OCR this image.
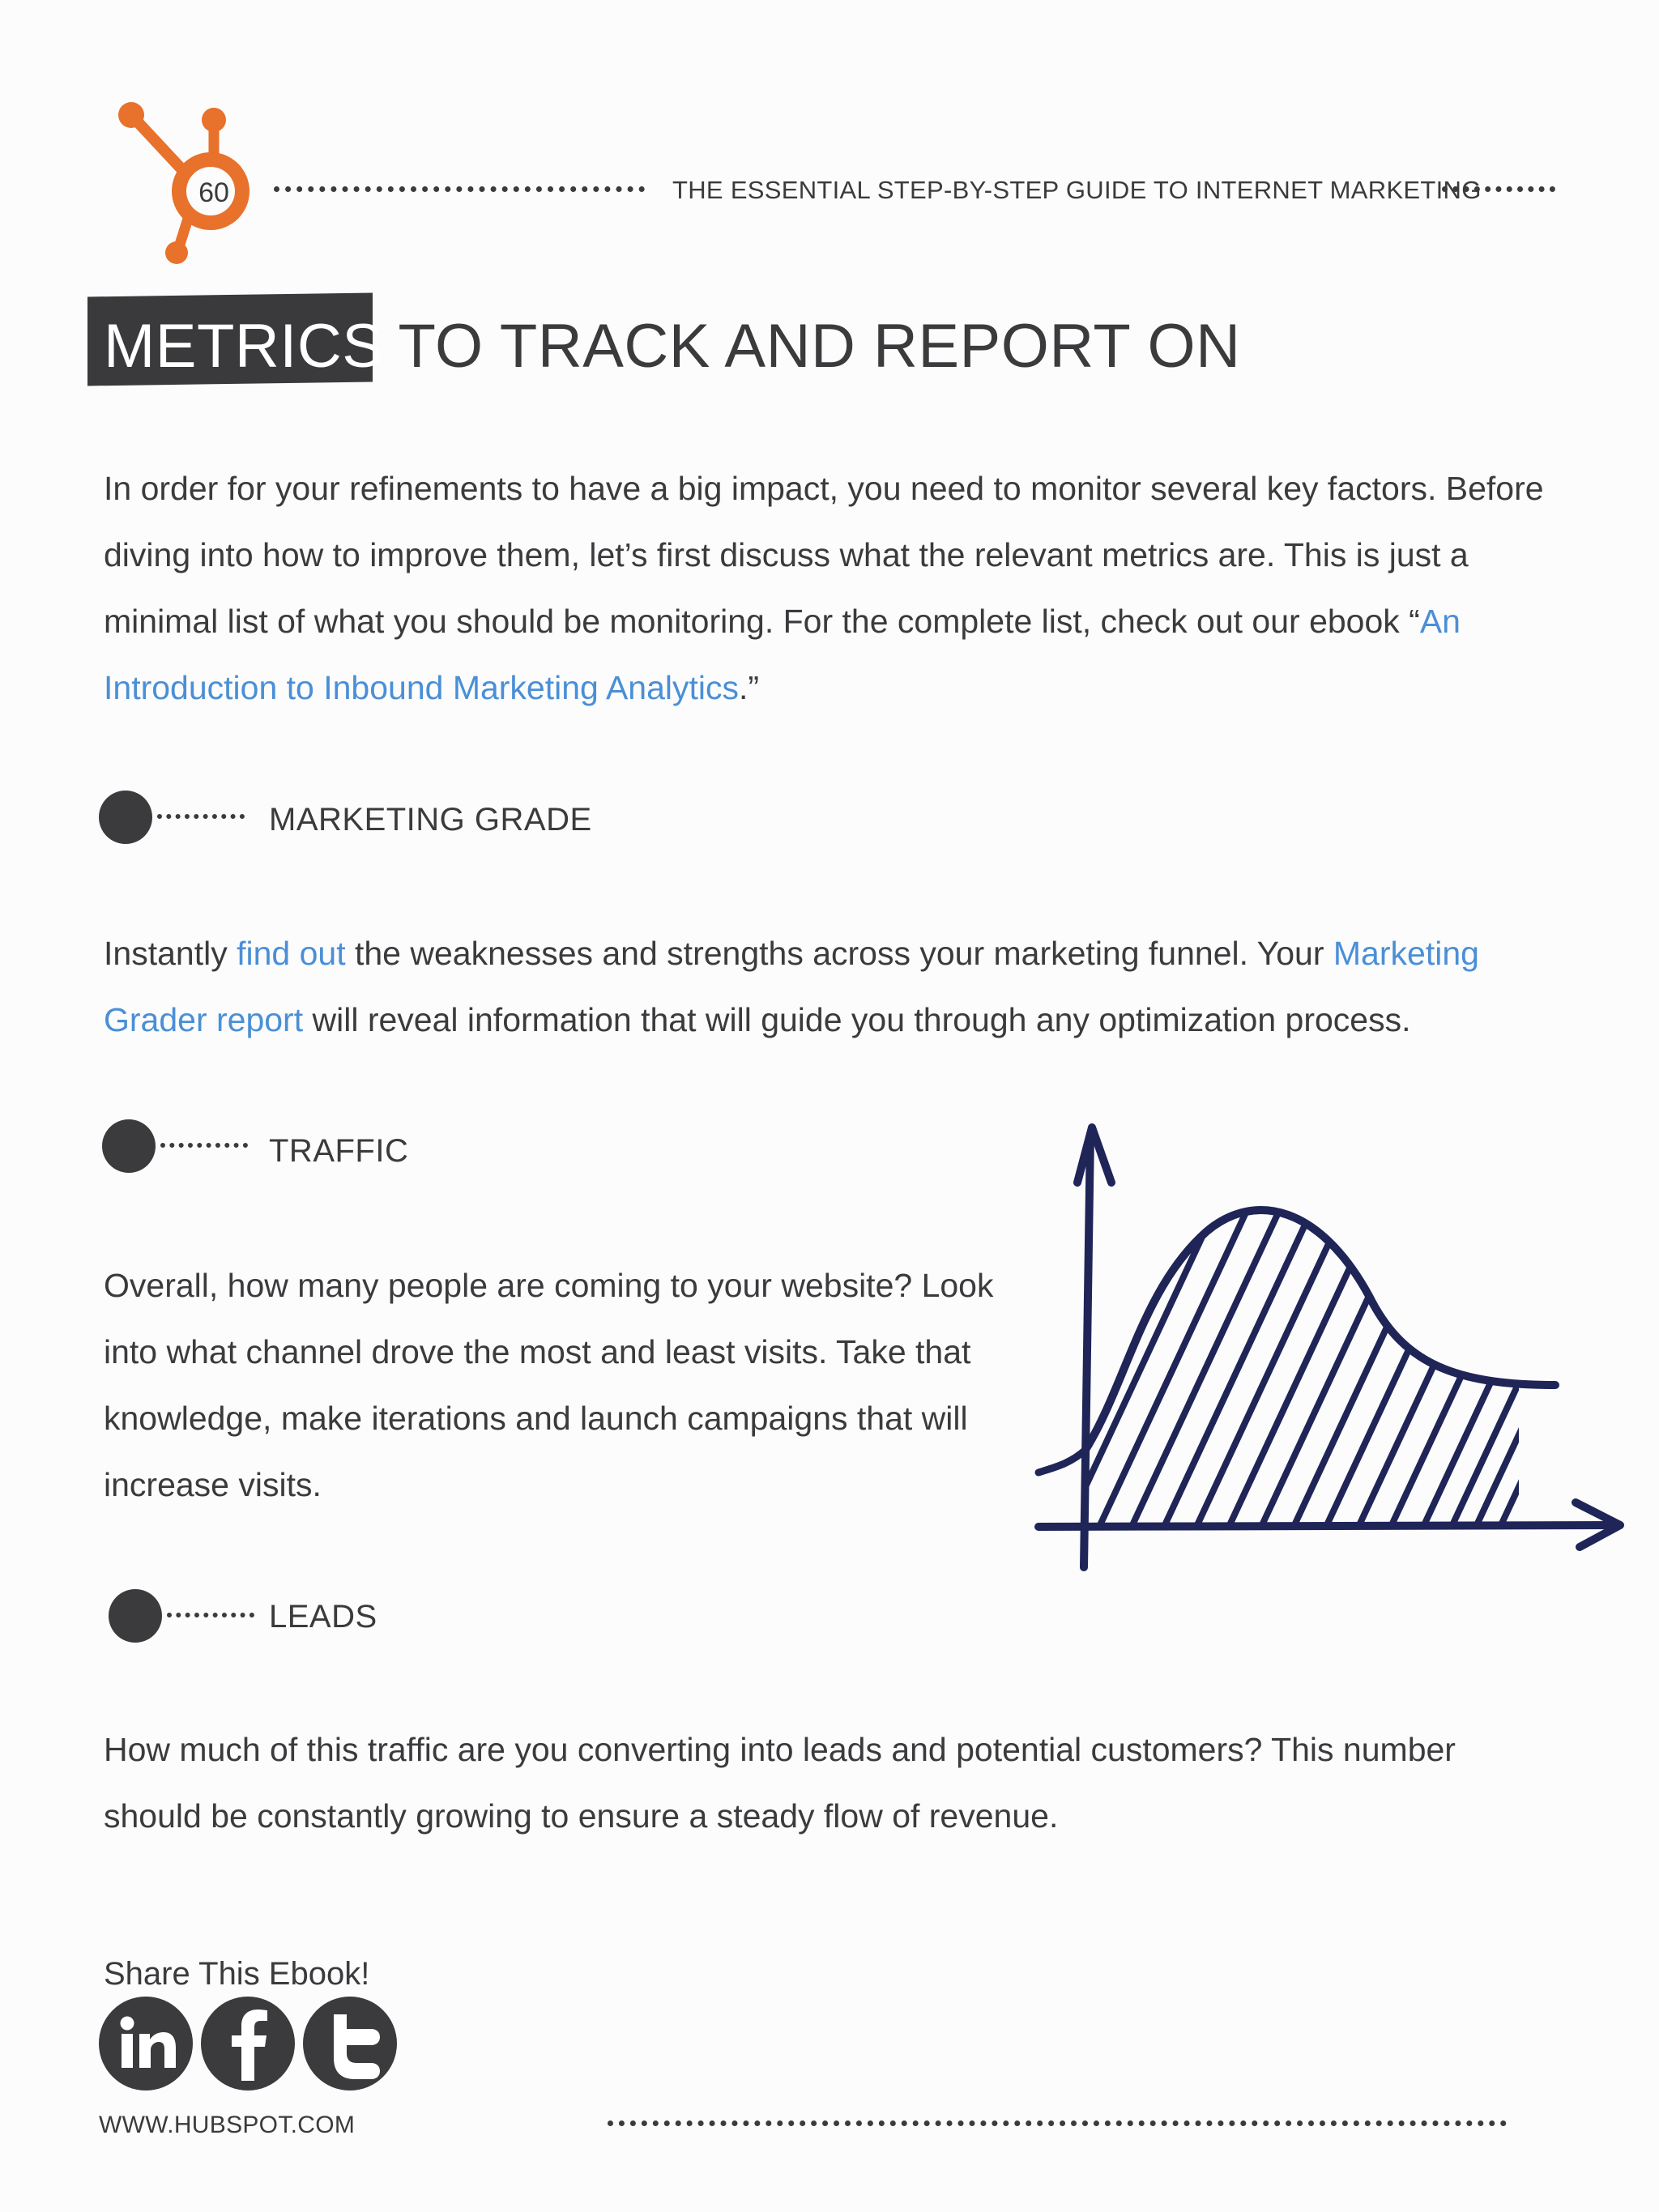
60	THE ESSENTIAL STEP-BY-STEP GUIDE TO INTERNET MARKETING
METRICS TO TRACK AND REPORT ON
In order for your refinements to have a big impact, you need to monitor several key factors. Before diving into how to improve them, let’s first discuss what the relevant metrics are. This is just a minimal list of what you should be monitoring. For the complete list, check out our ebook “An Introduction to Inbound Marketing Analytics.”
MARKETING GRADE
Instantly find out the weaknesses and strengths across your marketing funnel. Your Marketing Grader report will reveal information that will guide you through any optimization process.
TRAFFIC
Overall, how many people are coming to your website? Look into what channel drove the most and least visits. Take that knowledge, make iterations and launch campaigns that will increase visits.
LEADS
How much of this traffic are you converting into leads and potential customers? This number should be constantly growing to ensure a steady flow of revenue.
Share This Ebook!
WWW.HUBSPOT.COM
